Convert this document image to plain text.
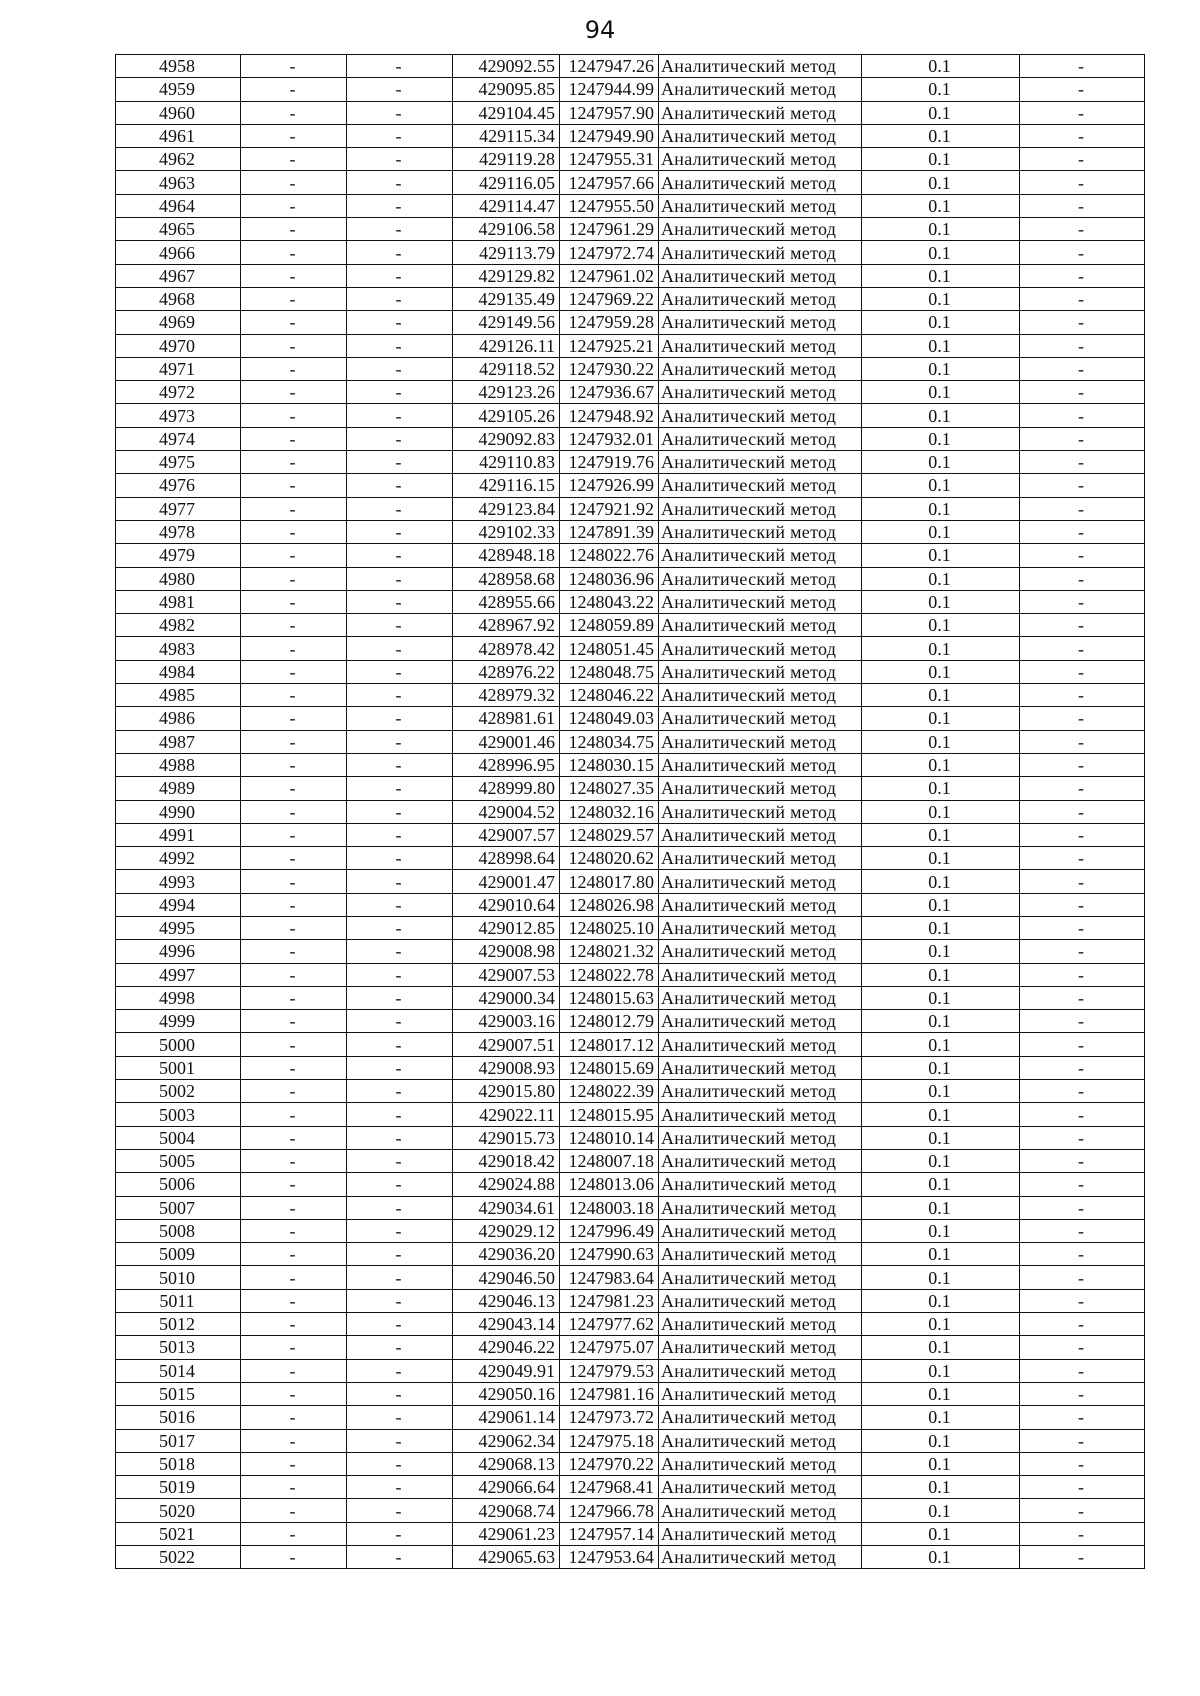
94
4958	-	-	429092.55	1247947.26	Аналитический метод	0.1	-
4959	-	-	429095.85	1247944.99	Аналитический метод	0.1	-
4960	-	-	429104.45	1247957.90	Аналитический метод	0.1	-
4961	-	-	429115.34	1247949.90	Аналитический метод	0.1	-
4962	-	-	429119.28	1247955.31	Аналитический метод	0.1	-
4963	-	-	429116.05	1247957.66	Аналитический метод	0.1	-
4964	-	-	429114.47	1247955.50	Аналитический метод	0.1	-
4965	-	-	429106.58	1247961.29	Аналитический метод	0.1	-
4966	-	-	429113.79	1247972.74	Аналитический метод	0.1	-
4967	-	-	429129.82	1247961.02	Аналитический метод	0.1	-
4968	-	-	429135.49	1247969.22	Аналитический метод	0.1	-
4969	-	-	429149.56	1247959.28	Аналитический метод	0.1	-
4970	-	-	429126.11	1247925.21	Аналитический метод	0.1	-
4971	-	-	429118.52	1247930.22	Аналитический метод	0.1	-
4972	-	-	429123.26	1247936.67	Аналитический метод	0.1	-
4973	-	-	429105.26	1247948.92	Аналитический метод	0.1	-
4974	-	-	429092.83	1247932.01	Аналитический метод	0.1	-
4975	-	-	429110.83	1247919.76	Аналитический метод	0.1	-
4976	-	-	429116.15	1247926.99	Аналитический метод	0.1	-
4977	-	-	429123.84	1247921.92	Аналитический метод	0.1	-
4978	-	-	429102.33	1247891.39	Аналитический метод	0.1	-
4979	-	-	428948.18	1248022.76	Аналитический метод	0.1	-
4980	-	-	428958.68	1248036.96	Аналитический метод	0.1	-
4981	-	-	428955.66	1248043.22	Аналитический метод	0.1	-
4982	-	-	428967.92	1248059.89	Аналитический метод	0.1	-
4983	-	-	428978.42	1248051.45	Аналитический метод	0.1	-
4984	-	-	428976.22	1248048.75	Аналитический метод	0.1	-
4985	-	-	428979.32	1248046.22	Аналитический метод	0.1	-
4986	-	-	428981.61	1248049.03	Аналитический метод	0.1	-
4987	-	-	429001.46	1248034.75	Аналитический метод	0.1	-
4988	-	-	428996.95	1248030.15	Аналитический метод	0.1	-
4989	-	-	428999.80	1248027.35	Аналитический метод	0.1	-
4990	-	-	429004.52	1248032.16	Аналитический метод	0.1	-
4991	-	-	429007.57	1248029.57	Аналитический метод	0.1	-
4992	-	-	428998.64	1248020.62	Аналитический метод	0.1	-
4993	-	-	429001.47	1248017.80	Аналитический метод	0.1	-
4994	-	-	429010.64	1248026.98	Аналитический метод	0.1	-
4995	-	-	429012.85	1248025.10	Аналитический метод	0.1	-
4996	-	-	429008.98	1248021.32	Аналитический метод	0.1	-
4997	-	-	429007.53	1248022.78	Аналитический метод	0.1	-
4998	-	-	429000.34	1248015.63	Аналитический метод	0.1	-
4999	-	-	429003.16	1248012.79	Аналитический метод	0.1	-
5000	-	-	429007.51	1248017.12	Аналитический метод	0.1	-
5001	-	-	429008.93	1248015.69	Аналитический метод	0.1	-
5002	-	-	429015.80	1248022.39	Аналитический метод	0.1	-
5003	-	-	429022.11	1248015.95	Аналитический метод	0.1	-
5004	-	-	429015.73	1248010.14	Аналитический метод	0.1	-
5005	-	-	429018.42	1248007.18	Аналитический метод	0.1	-
5006	-	-	429024.88	1248013.06	Аналитический метод	0.1	-
5007	-	-	429034.61	1248003.18	Аналитический метод	0.1	-
5008	-	-	429029.12	1247996.49	Аналитический метод	0.1	-
5009	-	-	429036.20	1247990.63	Аналитический метод	0.1	-
5010	-	-	429046.50	1247983.64	Аналитический метод	0.1	-
5011	-	-	429046.13	1247981.23	Аналитический метод	0.1	-
5012	-	-	429043.14	1247977.62	Аналитический метод	0.1	-
5013	-	-	429046.22	1247975.07	Аналитический метод	0.1	-
5014	-	-	429049.91	1247979.53	Аналитический метод	0.1	-
5015	-	-	429050.16	1247981.16	Аналитический метод	0.1	-
5016	-	-	429061.14	1247973.72	Аналитический метод	0.1	-
5017	-	-	429062.34	1247975.18	Аналитический метод	0.1	-
5018	-	-	429068.13	1247970.22	Аналитический метод	0.1	-
5019	-	-	429066.64	1247968.41	Аналитический метод	0.1	-
5020	-	-	429068.74	1247966.78	Аналитический метод	0.1	-
5021	-	-	429061.23	1247957.14	Аналитический метод	0.1	-
5022	-	-	429065.63	1247953.64	Аналитический метод	0.1	-
